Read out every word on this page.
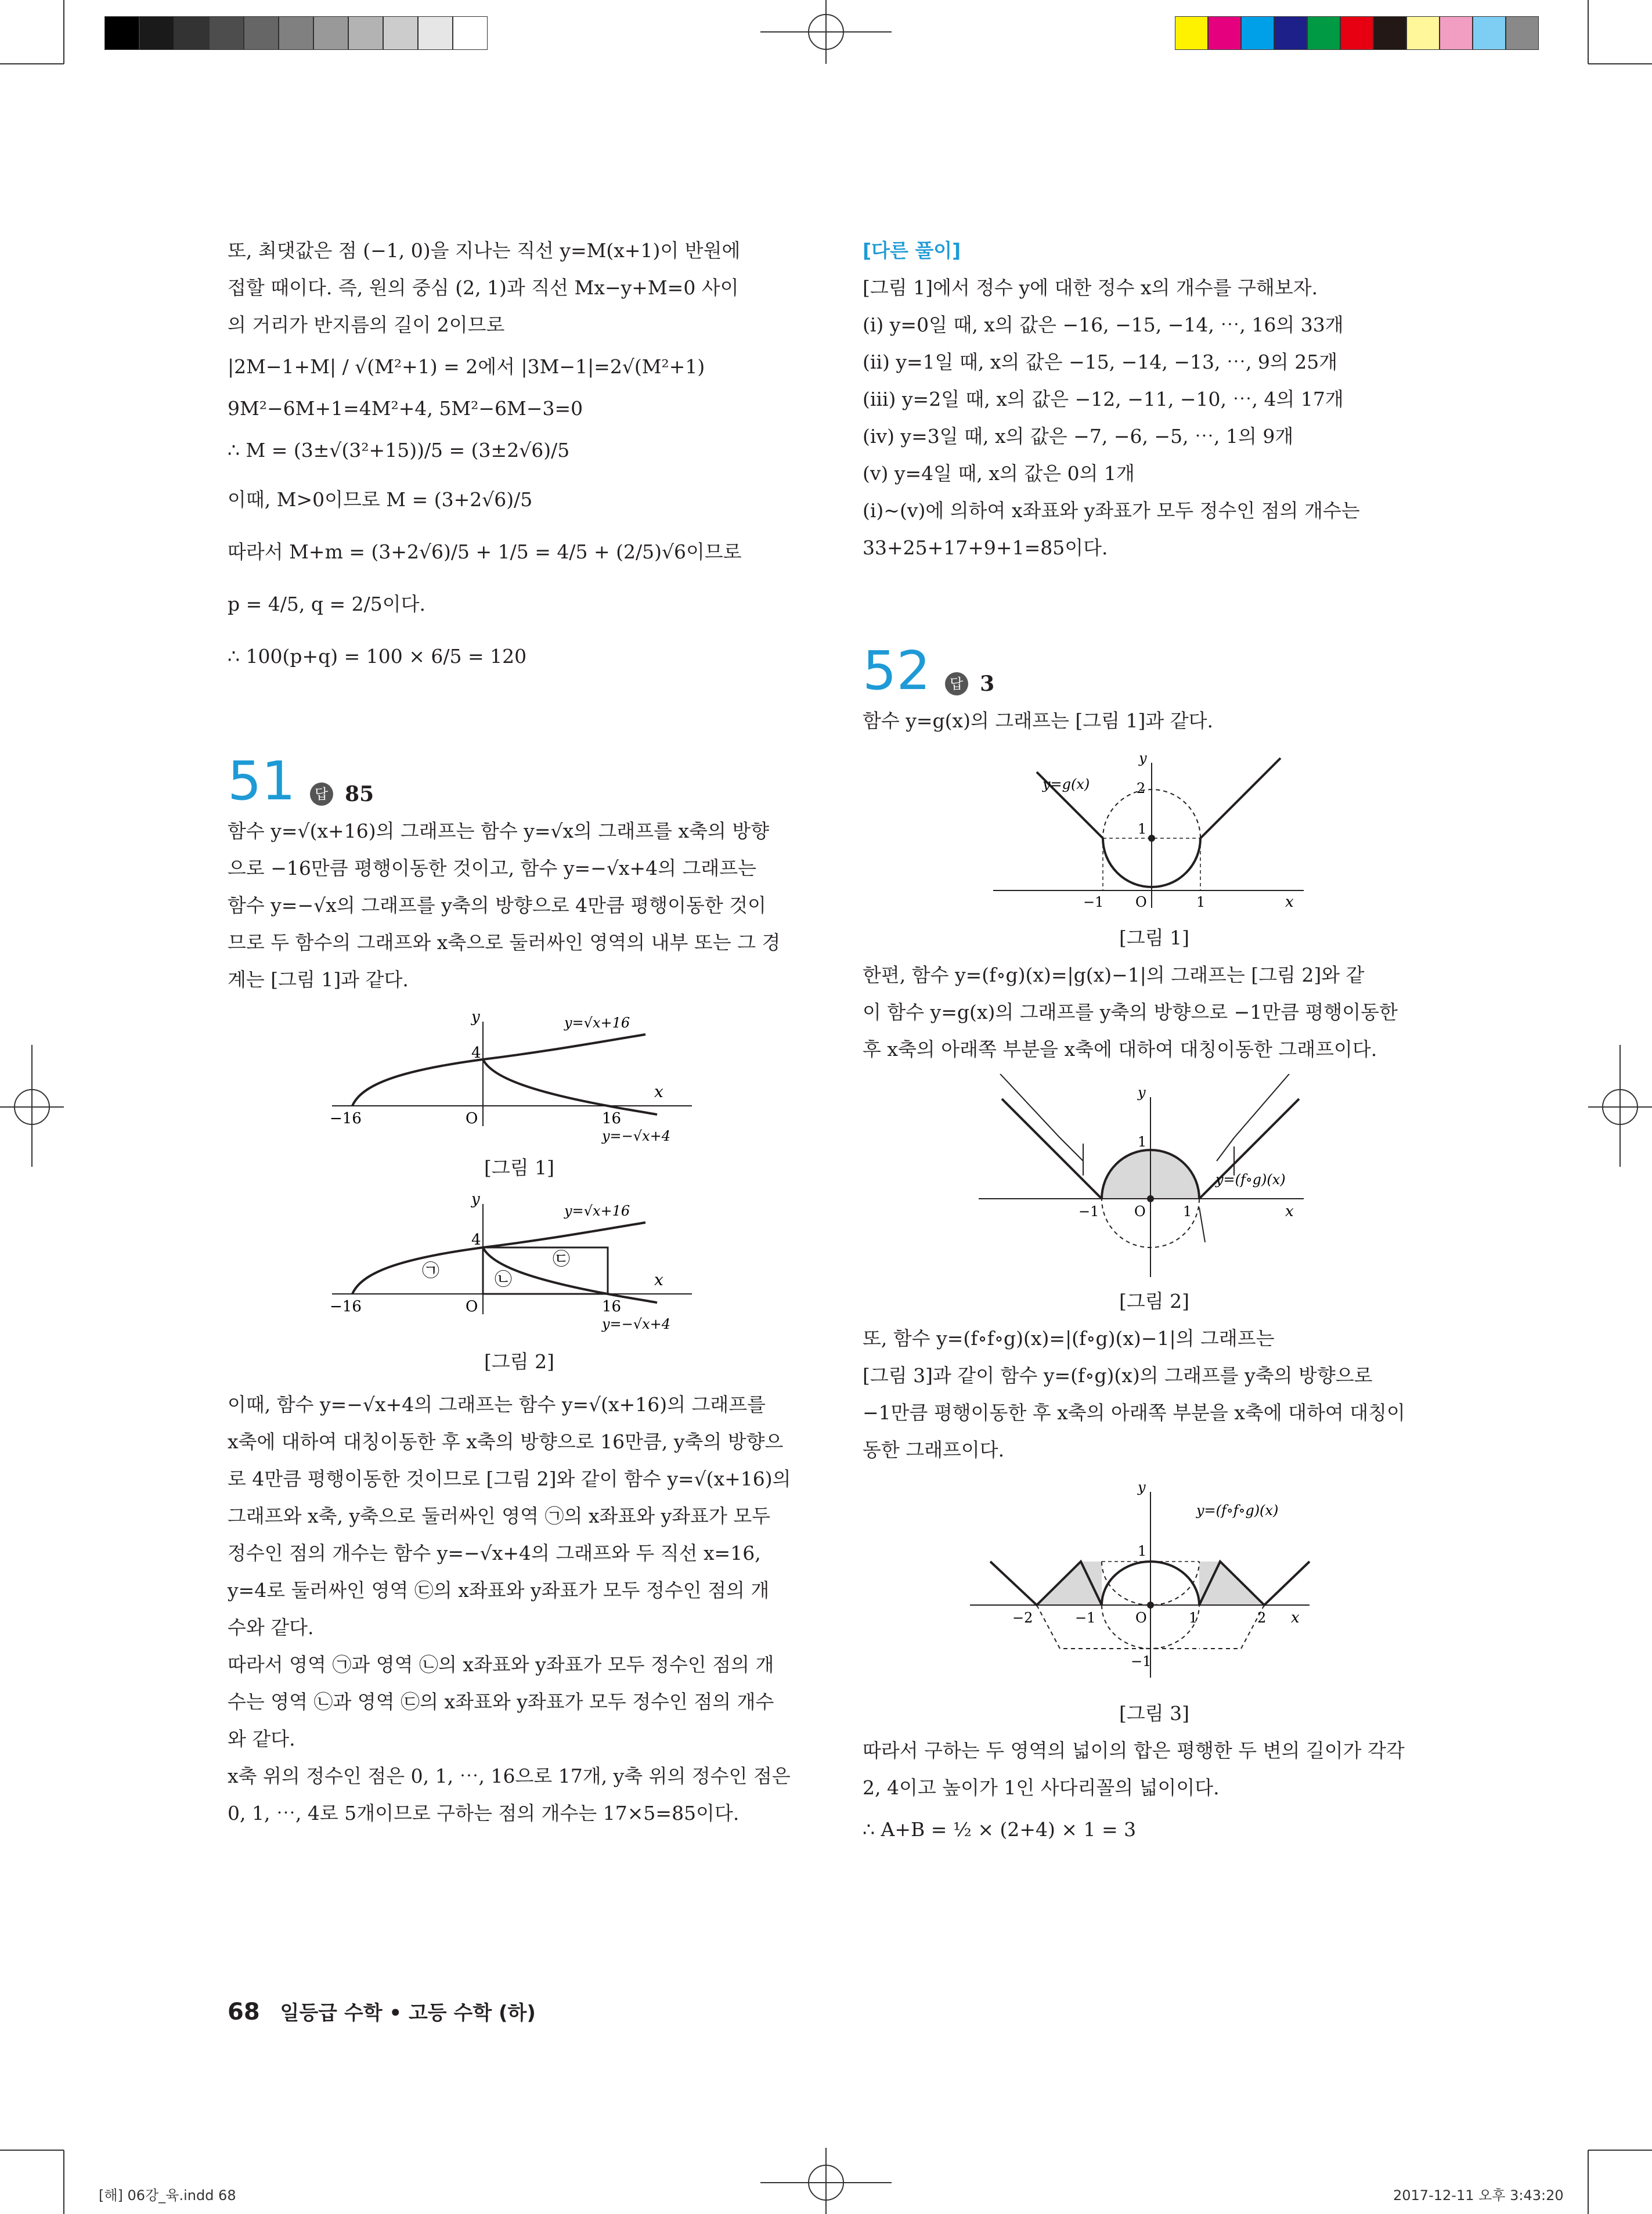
또, 최댓값은 점 (−1, 0)을 지나는 직선 y=M(x+1)이 반원에

접할 때이다. 즉, 원의 중심 (2, 1)과 직선 Mx−y+M=0 사이

의 거리가 반지름의 길이 2이므로

|2M−1+M| / √(M²+1) = 2에서 |3M−1|=2√(M²+1)

9M²−6M+1=4M²+4, 5M²−6M−3=0

∴ M = (3±√(3²+15))/5 = (3±2√6)/5

이때, M>0이므로 M = (3+2√6)/5

따라서 M+m = (3+2√6)/5 + 1/5 = 4/5 + (2/5)√6이므로

p = 4/5, q = 2/5이다.

∴ 100(p+q) = 100 × 6/5 = 120

51 답 85

함수 y=√(x+16)의 그래프는 함수 y=√x의 그래프를 x축의 방향

으로 −16만큼 평행이동한 것이고, 함수 y=−√x+4의 그래프는

함수 y=−√x의 그래프를 y축의 방향으로 4만큼 평행이동한 것이

므로 두 함수의 그래프와 x축으로 둘러싸인 영역의 내부 또는 그 경

계는 [그림 1]과 같다.

y
x
4
−16	O	16
y=√x+16
y=−√x+4

[그림 1]

y
x
4
−16	O	16
y=√x+16
y=−√x+4
㉠	㉡
㉢

[그림 2]

이때, 함수 y=−√x+4의 그래프는 함수 y=√(x+16)의 그래프를

x축에 대하여 대칭이동한 후 x축의 방향으로 16만큼, y축의 방향으

로 4만큼 평행이동한 것이므로 [그림 2]와 같이 함수 y=√(x+16)의

그래프와 x축, y축으로 둘러싸인 영역 ㉠의 x좌표와 y좌표가 모두

정수인 점의 개수는 함수 y=−√x+4의 그래프와 두 직선 x=16,

y=4로 둘러싸인 영역 ㉢의 x좌표와 y좌표가 모두 정수인 점의 개

수와 같다.

따라서 영역 ㉠과 영역 ㉡의 x좌표와 y좌표가 모두 정수인 점의 개

수는 영역 ㉡과 영역 ㉢의 x좌표와 y좌표가 모두 정수인 점의 개수

와 같다.

x축 위의 정수인 점은 0, 1, ⋯, 16으로 17개, y축 위의 정수인 점은

0, 1, ⋯, 4로 5개이므로 구하는 점의 개수는 17×5=85이다.

[다른 풀이]

[그림 1]에서 정수 y에 대한 정수 x의 개수를 구해보자.

(ⅰ) y=0일 때, x의 값은 −16, −15, −14, ⋯, 16의 33개

(ⅱ) y=1일 때, x의 값은 −15, −14, −13, ⋯, 9의 25개

(ⅲ) y=2일 때, x의 값은 −12, −11, −10, ⋯, 4의 17개

(ⅳ) y=3일 때, x의 값은 −7, −6, −5, ⋯, 1의 9개

(ⅴ) y=4일 때, x의 값은 0의 1개

(ⅰ)~(ⅴ)에 의하여 x좌표와 y좌표가 모두 정수인 점의 개수는

33+25+17+9+1=85이다.

52 답 3

함수 y=g(x)의 그래프는 [그림 1]과 같다.

y
x
y=g(x)	2
1
−1 O	1

[그림 1]

한편, 함수 y=(f∘g)(x)=|g(x)−1|의 그래프는 [그림 2]와 같

이 함수 y=g(x)의 그래프를 y축의 방향으로 −1만큼 평행이동한

후 x축의 아래쪽 부분을 x축에 대하여 대칭이동한 그래프이다.

y
x
y=(f∘g)(x)
1
−1	O	1

[그림 2]

또, 함수 y=(f∘f∘g)(x)=|(f∘g)(x)−1|의 그래프는

[그림 3]과 같이 함수 y=(f∘g)(x)의 그래프를 y축의 방향으로

−1만큼 평행이동한 후 x축의 아래쪽 부분을 x축에 대하여 대칭이

동한 그래프이다.

y
x
y=(f∘f∘g)(x)
1
−1
−2	−1	O	1	2

[그림 3]

따라서 구하는 두 영역의 넓이의 합은 평행한 두 변의 길이가 각각

2, 4이고 높이가 1인 사다리꼴의 넓이이다.

∴ A+B = ½ × (2+4) × 1 = 3

68 일등급 수학 • 고등 수학 (하)
[해] 06강_육.indd 68	2017-12-11 오후 3:43:20
